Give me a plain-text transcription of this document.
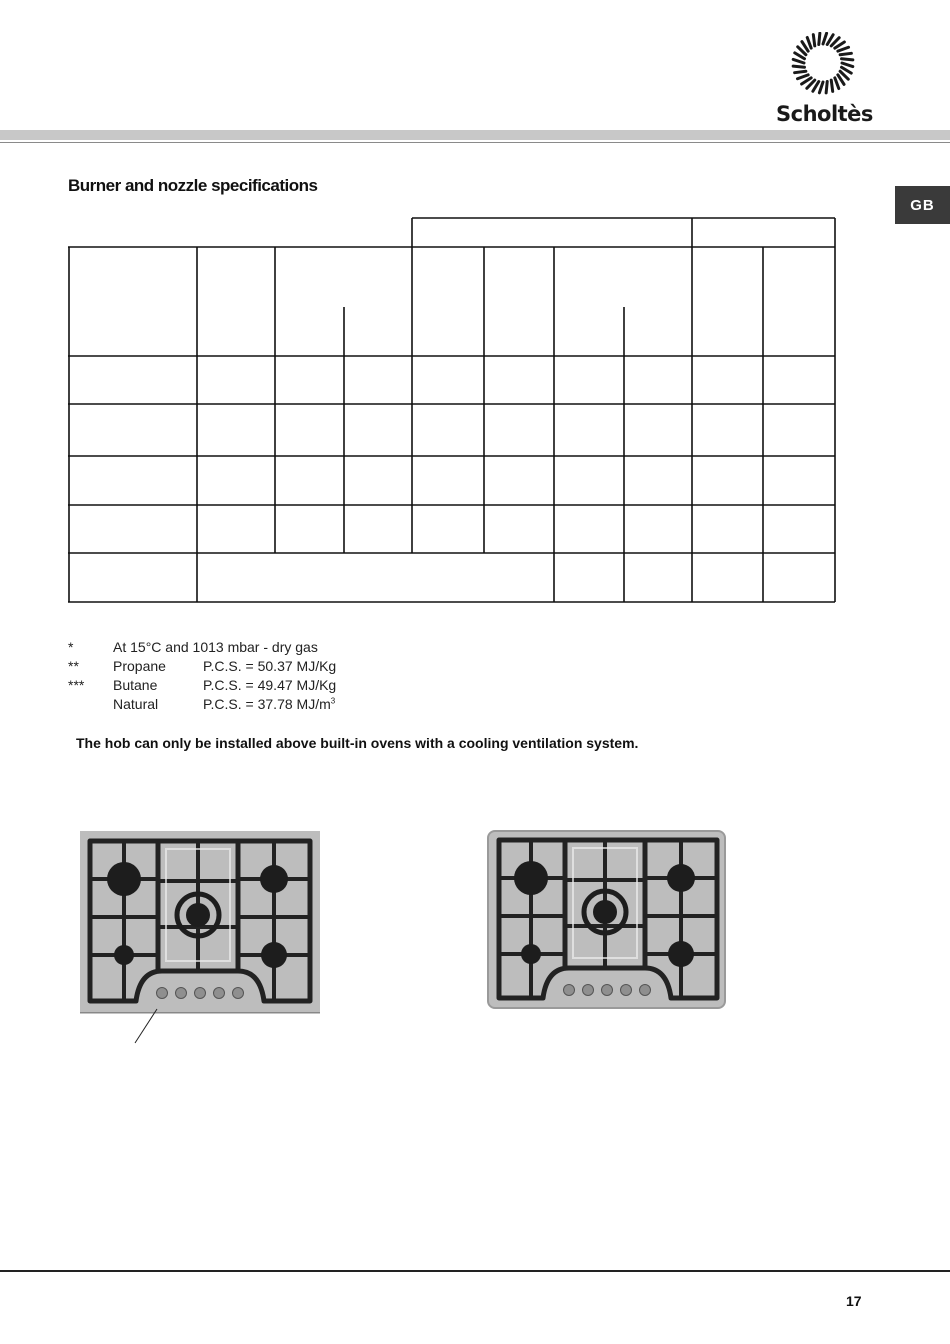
Scholtès
GB
Burner and nozzle specifications
*	At 15°C and 1013 mbar - dry gas
** Propane	P.C.S. = 50.37 MJ/Kg
*** Butane	P.C.S. = 49.47 MJ/Kg
Natural	P.C.S. = 37.78 $MJ/m^3$
The hob can only be installed above built-in ovens with a cooling ventilation system.
17
